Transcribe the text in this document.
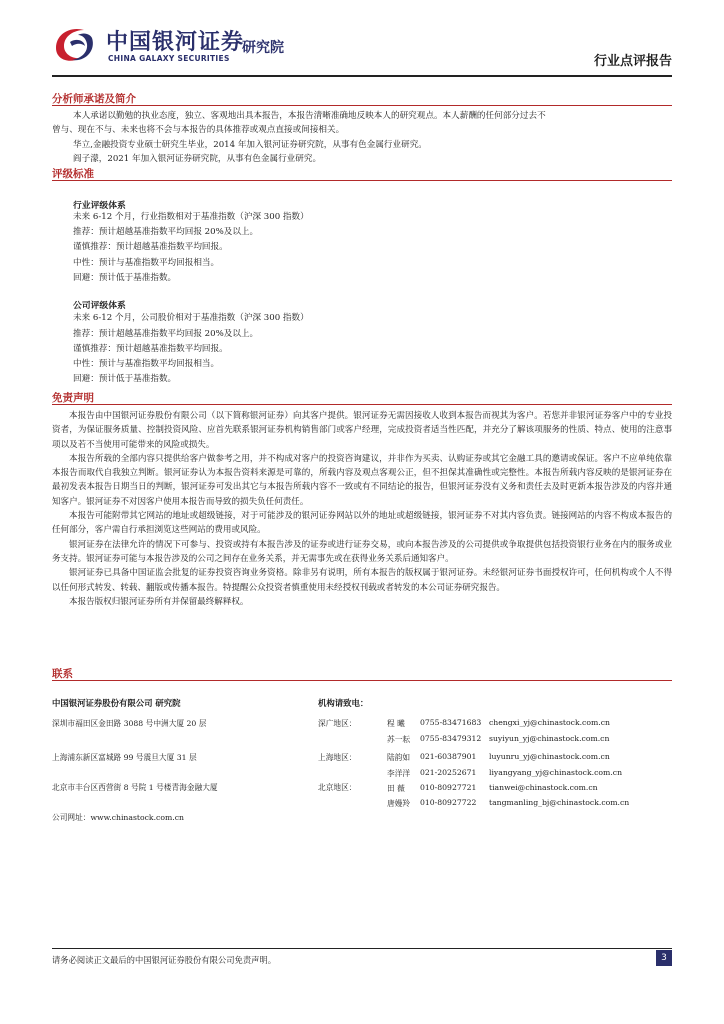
中国银河证券
CHINA GALAXY SECURITIES
研究院
行业点评报告
分析师承诺及简介
本人承诺以勤勉的执业态度，独立、客观地出具本报告，本报告清晰准确地反映本人的研究观点。本人薪酬的任何部分过去不
曾与、现在不与、未来也将不会与本报告的具体推荐或观点直接或间接相关。
华立,金融投资专业硕士研究生毕业，2014 年加入银河证券研究院，从事有色金属行业研究。
阎子濛，2021 年加入银河证券研究院，从事有色金属行业研究。
评级标准
行业评级体系
未来 6-12 个月，行业指数相对于基准指数（沪深 300 指数）
推荐：预计超越基准指数平均回报 20%及以上。
谨慎推荐：预计超越基准指数平均回报。
中性：预计与基准指数平均回报相当。
回避：预计低于基准指数。
公司评级体系
未来 6-12 个月，公司股价相对于基准指数（沪深 300 指数）
推荐：预计超越基准指数平均回报 20%及以上。
谨慎推荐：预计超越基准指数平均回报。
中性：预计与基准指数平均回报相当。
回避：预计低于基准指数。
免责声明

本报告由中国银河证券股份有限公司（以下简称银河证券）向其客户提供。银河证券无需因接收人收到本报告而视其为客户。若您并非银河证券客户中的专业投资者，为保证服务质量、控制投资风险、应首先联系银河证券机构销售部门或客户经理，完成投资者适当性匹配，并充分了解该项服务的性质、特点、使用的注意事项以及若不当使用可能带来的风险或损失。

本报告所载的全部内容只提供给客户做参考之用，并不构成对客户的投资咨询建议，并非作为买卖、认购证券或其它金融工具的邀请或保证。客户不应单纯依靠本报告而取代自我独立判断。银河证券认为本报告资料来源是可靠的，所载内容及观点客观公正，但不担保其准确性或完整性。本报告所载内容反映的是银河证券在最初发表本报告日期当日的判断，银河证券可发出其它与本报告所载内容不一致或有不同结论的报告，但银河证券没有义务和责任去及时更新本报告涉及的内容并通知客户。银河证券不对因客户使用本报告而导致的损失负任何责任。

本报告可能附带其它网站的地址或超级链接，对于可能涉及的银河证券网站以外的地址或超级链接，银河证券不对其内容负责。链接网站的内容不构成本报告的任何部分，客户需自行承担浏览这些网站的费用或风险。

银河证券在法律允许的情况下可参与、投资或持有本报告涉及的证券或进行证券交易，或向本报告涉及的公司提供或争取提供包括投资银行业务在内的服务或业务支持。银河证券可能与本报告涉及的公司之间存在业务关系，并无需事先或在获得业务关系后通知客户。

银河证券已具备中国证监会批复的证券投资咨询业务资格。除非另有说明，所有本报告的版权属于银河证券。未经银河证券书面授权许可，任何机构或个人不得以任何形式转发、转载、翻版或传播本报告。特提醒公众投资者慎重使用未经授权刊载或者转发的本公司证券研究报告。

本报告版权归银河证券所有并保留最终解释权。

联系
中国银河证券股份有限公司 研究院	机构请致电：
深圳市福田区金田路 3088 号中洲大厦 20 层
上海浦东新区富城路 99 号震旦大厦 31 层
北京市丰台区西营街 8 号院 1 号楼青海金融大厦
公司网址：www.chinastock.com.cn
深广地区：
上海地区：
北京地区：
程 曦 0755-83471683 chengxi_yj@chinastock.com.cn
苏一耘 0755-83479312 suyiyun_yj@chinastock.com.cn
陆韵如 021-60387901 luyunru_yj@chinastock.com.cn
李洋洋 021-20252671 liyangyang_yj@chinastock.com.cn
田 薇 010-80927721 tianwei@chinastock.com.cn
唐嫚羚 010-80927722 tangmanling_bj@chinastock.com.cn
请务必阅读正文最后的中国银河证券股份有限公司免责声明。	3
